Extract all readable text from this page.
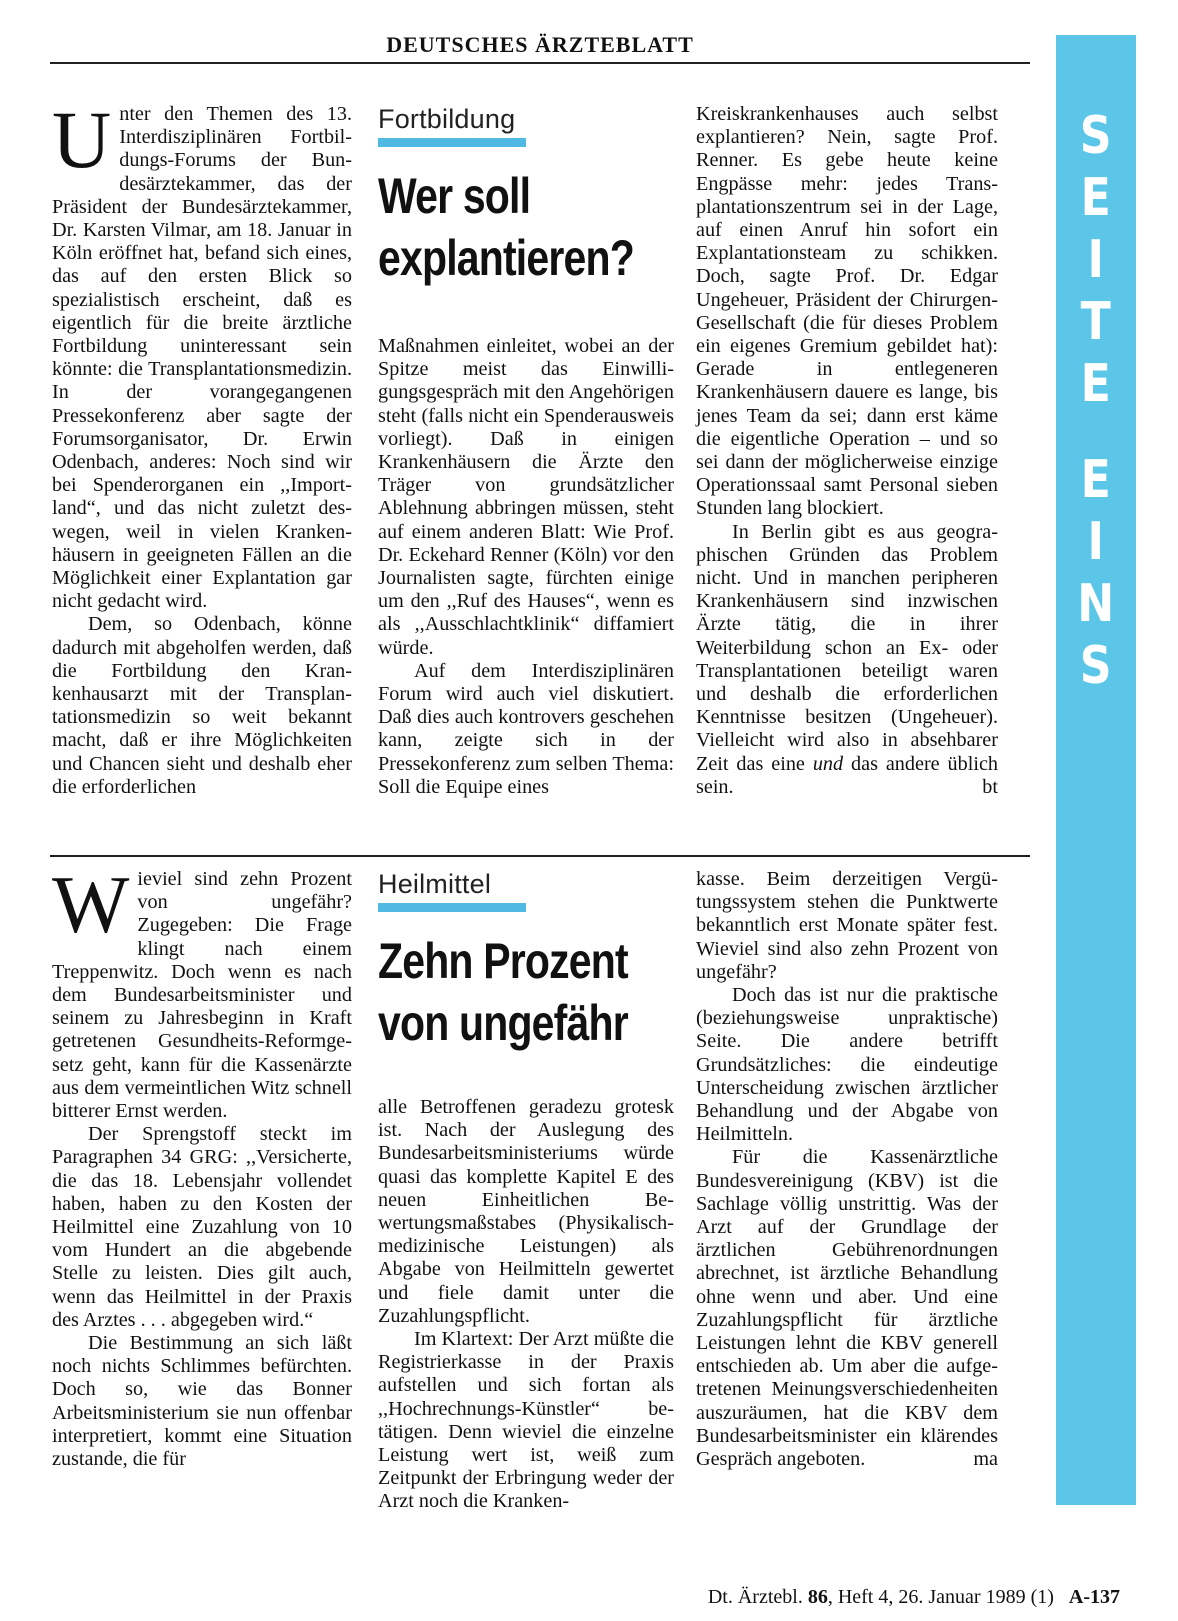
DEUTSCHES ÄRZTEBLATT
S
E
I
T
E
E
I
N
S

Unter den Themen des 13. Interdisziplinären Fortbildungs-Forums der Bundesärztekammer, das der Präsident der Bundesärztekammer, Dr. Karsten Vilmar, am 18. Januar in Köln eröffnet hat, befand sich eines, das auf den ersten Blick so spezialistisch erscheint, daß es eigentlich für die breite ärztliche Fortbildung uninteressant sein könnte: die Transplantationsmedizin. In der vorangegangenen Pressekonferenz aber sagte der Forumsorganisator, Dr. Erwin Odenbach, anderes: Noch sind wir bei Spenderorganen ein ,,Importland“, und das nicht zuletzt deswegen, weil in vielen Krankenhäusern in geeigneten Fällen an die Möglichkeit einer Explantation gar nicht gedacht wird.

Dem, so Odenbach, könne dadurch mit abgeholfen werden, daß die Fortbildung den Krankenhausarzt mit der Transplantationsmedizin so weit bekannt macht, daß er ihre Möglichkeiten und Chancen sieht und deshalb eher die erforderlichen

Fortbildung
Wer soll
explantieren?

Maßnahmen einleitet, wobei an der Spitze meist das Einwilligungsgespräch mit den Angehörigen steht (falls nicht ein Spenderausweis vorliegt). Daß in einigen Krankenhäusern die Ärzte den Träger von grundsätzlicher Ablehnung abbringen müssen, steht auf einem anderen Blatt: Wie Prof. Dr. Eckehard Renner (Köln) vor den Journalisten sagte, fürchten einige um den ,,Ruf des Hauses“, wenn es als ,,Ausschlachtklinik“ diffamiert würde.

Auf dem Interdisziplinären Forum wird auch viel diskutiert. Daß dies auch kontrovers geschehen kann, zeigte sich in der Pressekonferenz zum selben Thema: Soll die Equipe eines

Kreiskrankenhauses auch selbst explantieren? Nein, sagte Prof. Renner. Es gebe heute keine Engpässe mehr: jedes Transplantationszentrum sei in der Lage, auf einen Anruf hin sofort ein Explantationsteam zu schikken. Doch, sagte Prof. Dr. Edgar Ungeheuer, Präsident der Chirurgen-Gesellschaft (die für dieses Problem ein eigenes Gremium gebildet hat): Gerade in entlegeneren Krankenhäusern dauere es lange, bis jenes Team da sei; dann erst käme die eigentliche Operation – und so sei dann der möglicherweise einzige Operationssaal samt Personal sieben Stunden lang blockiert.

In Berlin gibt es aus geographischen Gründen das Problem nicht. Und in manchen peripheren Krankenhäusern sind inzwischen Ärzte tätig, die in ihrer Weiterbildung schon an Ex- oder Transplantationen beteiligt waren und deshalb die erforderlichen Kenntnisse besitzen (Ungeheuer). Vielleicht wird also in absehbarer Zeit das eine und das andere üblich sein.	bt

Wieviel sind zehn Prozent von ungefähr? Zugegeben: Die Frage klingt nach einem Treppenwitz. Doch wenn es nach dem Bundesarbeitsminister und seinem zu Jahresbeginn in Kraft getretenen Gesundheits-Reformgesetz geht, kann für die Kassenärzte aus dem vermeintlichen Witz schnell bitterer Ernst werden.

Der Sprengstoff steckt im Paragraphen 34 GRG: ,,Versicherte, die das 18. Lebensjahr vollendet haben, haben zu den Kosten der Heilmittel eine Zuzahlung von 10 vom Hundert an die abgebende Stelle zu leisten. Dies gilt auch, wenn das Heilmittel in der Praxis des Arztes . . . abgegeben wird.“

Die Bestimmung an sich läßt noch nichts Schlimmes befürchten. Doch so, wie das Bonner Arbeitsministerium sie nun offenbar interpretiert, kommt eine Situation zustande, die für

Heilmittel
Zehn Prozent
von ungefähr

alle Betroffenen geradezu grotesk ist. Nach der Auslegung des Bundesarbeitsministeriums würde quasi das komplette Kapitel E des neuen Einheitlichen Bewertungsmaßstabes (Physikalisch-medizinische Leistungen) als Abgabe von Heilmitteln gewertet und fiele damit unter die Zuzahlungspflicht.

Im Klartext: Der Arzt müßte die Registrierkasse in der Praxis aufstellen und sich fortan als ,,Hochrechnungs-Künstler“ betätigen. Denn wieviel die einzelne Leistung wert ist, weiß zum Zeitpunkt der Erbringung weder der Arzt noch die Kranken-

kasse. Beim derzeitigen Vergütungssystem stehen die Punktwerte bekanntlich erst Monate später fest. Wieviel sind also zehn Prozent von ungefähr?

Doch das ist nur die praktische (beziehungsweise unpraktische) Seite. Die andere betrifft Grundsätzliches: die eindeutige Unterscheidung zwischen ärztlicher Behandlung und der Abgabe von Heilmitteln.

Für die Kassenärztliche Bundesvereinigung (KBV) ist die Sachlage völlig unstrittig. Was der Arzt auf der Grundlage der ärztlichen Gebührenordnungen abrechnet, ist ärztliche Behandlung ohne wenn und aber. Und eine Zuzahlungspflicht für ärztliche Leistungen lehnt die KBV generell entschieden ab. Um aber die aufgetretenen Meinungsverschiedenheiten auszuräumen, hat die KBV dem Bundesarbeitsminister ein klärendes Gespräch angeboten.	ma

Dt. Ärztebl. 86, Heft 4, 26. Januar 1989 (1) A-137
